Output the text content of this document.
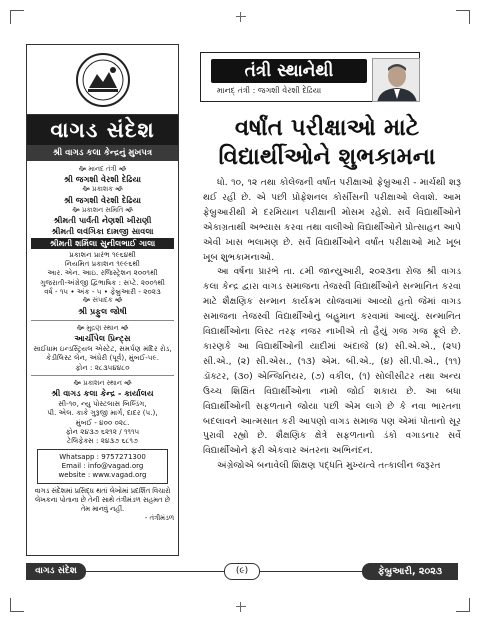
વાગડ સંદેશ
શ્રી વાગડ કલા કેન્દ્રનું મુખપત્ર
🙞 માનદ તંત્રી 🙜
શ્રી જગશી વેરશી દેઢિયા
🙞 પ્રકાશક 🙜
શ્રી જગશી વેરશી દેઢિયા
🙞 પ્રકાશન સમિતિ 🙜
શ્રીમતી પાર્વતી નેણશી ખીરાણી
શ્રીમતી લવંગિકા દામજી સાવલા
શ્રીમતી શર્મિલા સુનીલભાઈ ગાલા
પ્રકાશન પ્રારંભ ૧૯૬૪થી
નિયમિત પ્રકાશન ૧૯૯૬થી
આર. એન. આઇ. રજિસ્ટ્રેશન ૨૦૦૧થી
ગુજરાતી-અંગ્રેજી દ્વિભાષિક : સપ્ટે. ૨૦૦૧થી
વર્ષ - ૧૫ • અંક - ૫ • ફેબ્રુઆરી - ૨૦૨૩
🙞 સંપાદક 🙜
શ્રી પ્રફુલ જોષી
🙞 મુદ્રણ સ્થાન 🙜
આર્ચીપેલ પ્રિન્ટ્સ
સાઈધામ ઇન્ડસ્ટ્રિયલ એસ્ટેટ, સમર્પણ મંદિર રોડ,
કેડીલિસ્ટ લેન, અંધેરી (પૂર્વ), મુંબઈ-૫૯.
ફોન : ૨૮૩૫૪૪૮૦
🙞 પ્રકાશન સ્થાન 🙜
શ્રી વાગડ કલા કેન્દ્ર - કાર્યાલય
સી-૧૦, ન્યુ પોસ્ટલાસ બિલ્ડિંગ,
પી. એલ. કાકે ગુરૂજી માર્ગ, દાદર (પ.),
મુંબઈ - ૪૦૦ ૦૨૮.
ફોન ૨૪૩૭ ૬૨૧૨ / ૧૧૧૫
ટેલિફેક્સ : ૨૪૩૭ ૬૮૧૭
Whatsapp : 9757271300
Email : info@vagad.org
website : www.vagad.org
વાગડ સંદેશમાં પ્રસિદ્ધ થતાં લેખોમાં પ્રદર્શિત વિચારો લેખકના પોતાના છે તેની સાથે તંત્રીમંડળ સહમત છે તેમ માનવું નહીં.
- તંત્રીમંડળ
તંત્રી સ્થાનેથી
માનદ્ તંત્રી : જગશી વેરશી દેઢિયા
વર્ષાંત પરીક્ષાઓ માટે
વિદ્યાર્થીઓને શુભકામના

ધો. ૧૦, ૧૨ તથા કોલેજની વર્ષાંત પરીક્ષાઓ ફેબ્રુઆરી - માર્ચથી શરૂ થઈ રહી છે. એ પછી પ્રોફેશનલ કોર્સીસની પરીક્ષાઓ લેવાશે. આમ ફેબ્રુઆરીથી મે દરમિયાન પરીક્ષાની મોસમ રહેશે. સર્વે વિદ્યાર્થીઓને એકાગ્રતાથી અભ્યાસ કરવા તથા વાલીઓ વિદ્યાર્થીઓને પ્રોત્સાહન આપે એવી ખાસ ભલામણ છે. સર્વે વિદ્યાર્થીઓને વર્ષાંત પરીક્ષાઓ માટે ખૂબ ખૂબ શુભકામનાઓ.

આ વર્ષના પ્રારંભે તા. ૮મી જાન્યુઆરી, ૨૦૨૩ના રોજ શ્રી વાગડ કલા કેન્દ્ર દ્વારા વાગડ સમાજના તેજસ્વી વિદ્યાર્થીઓને સન્માનિત કરવા માટે શૈક્ષણિક સન્માન કાર્યક્રમ યોજવામાં આવ્યો હતો જેમાં વાગડ સમાજના તેજસ્વી વિદ્યાર્થીઓનું બહુમાન કરવામાં આવ્યું. સન્માનિત વિદ્યાર્થીઓના લિસ્ટ તરફ નજર નાખીએ તો હૈયું ગજ ગજ ફૂલે છે. કારણકે આ વિદ્યાર્થીઓની યાદીમાં અંદાજે (૪) સી.એ.એ., (૨૫) સી.એ., (૨) સી.એસ., (૧૩) એમ. બી.એ., (૪) સી.પી.એ., (૧૧) ડૉક્ટર, (૩૦) એન્જિનિયર, (૭) વકીલ, (૧) સોલીસીટર તથા અન્ય ઉચ્ચ શિક્ષિત વિદ્યાર્થીઓના નામો જોઈ શકાય છે. આ બધા વિદ્યાર્થીઓની સફળતાને જોયા પછી એમ લાગે છે કે નવા ભારતના બદલાવને આત્મસાત કરી આપણો વાગડ સમાજ પણ એમાં પોતાનો સૂર પુરાવી રહ્યો છે. શૈક્ષણિક ક્ષેત્રે સફળતાનો ડંકો વગાડનાર સર્વે વિદ્યાર્થીઓને ફરી એકવાર અંતરના અભિનંદન.

અંગ્રેજોએ બનાવેલી શિક્ષણ પદ્ધતિ મુખ્યત્વે તત્કાલીન જરૂરત

વાગડ સંદેશ	(૯)	ફેબ્રુઆરી, ૨૦૨૩
